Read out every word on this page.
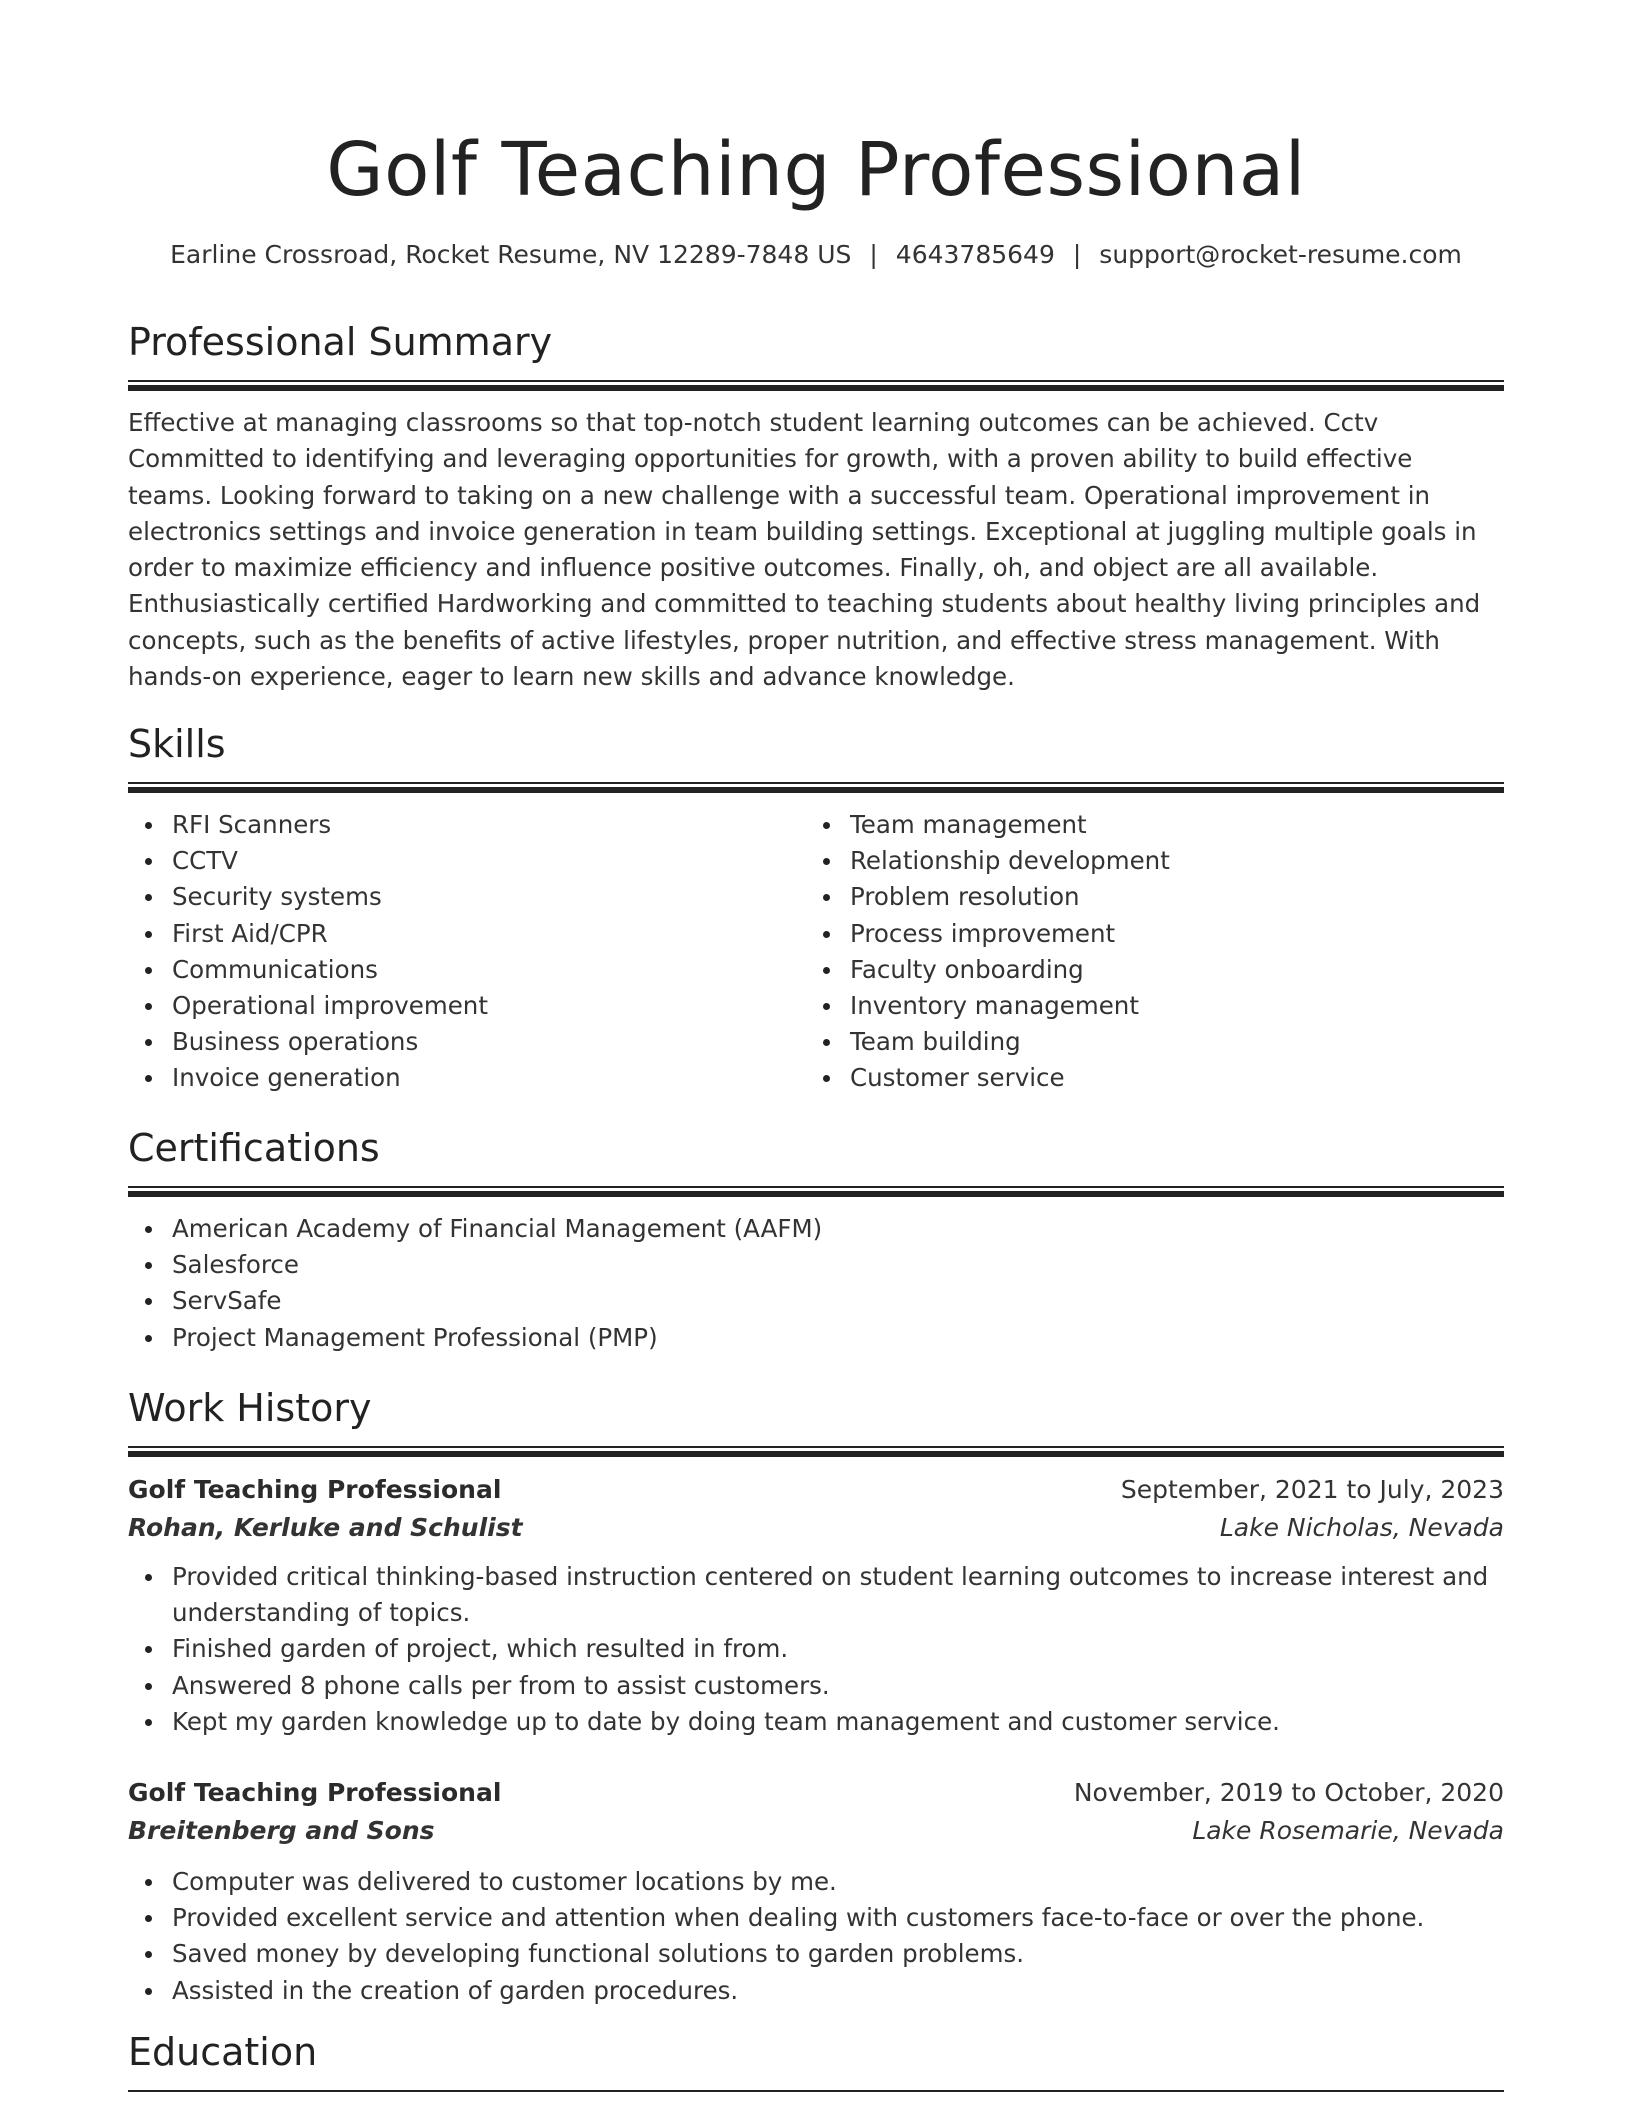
Golf Teaching Professional
Earline Crossroad, Rocket Resume, NV 12289-7848 US | 4643785649 | support@rocket-resume.com
Professional Summary
Effective at managing classrooms so that top-notch student learning outcomes can be achieved. Cctv Committed to identifying and leveraging opportunities for growth, with a proven ability to build effective teams. Looking forward to taking on a new challenge with a successful team. Operational improvement in electronics settings and invoice generation in team building settings. Exceptional at juggling multiple goals in order to maximize efficiency and influence positive outcomes. Finally, oh, and object are all available. Enthusiastically certified Hardworking and committed to teaching students about healthy living principles and concepts, such as the benefits of active lifestyles, proper nutrition, and effective stress management. With hands-on experience, eager to learn new skills and advance knowledge.
Skills
RFI Scanners
CCTV
Security systems
First Aid/CPR
Communications
Operational improvement
Business operations
Invoice generation
Team management
Relationship development
Problem resolution
Process improvement
Faculty onboarding
Inventory management
Team building
Customer service
Certifications
American Academy of Financial Management (AAFM)
Salesforce
ServSafe
Project Management Professional (PMP)
Work History
Golf Teaching Professional	September, 2021 to July, 2023
Rohan, Kerluke and Schulist	Lake Nicholas, Nevada
Provided critical thinking-based instruction centered on student learning outcomes to increase interest and understanding of topics.
Finished garden of project, which resulted in from.
Answered 8 phone calls per from to assist customers.
Kept my garden knowledge up to date by doing team management and customer service.
Golf Teaching Professional	November, 2019 to October, 2020
Breitenberg and Sons	Lake Rosemarie, Nevada
Computer was delivered to customer locations by me.
Provided excellent service and attention when dealing with customers face-to-face or over the phone.
Saved money by developing functional solutions to garden problems.
Assisted in the creation of garden procedures.
Education
